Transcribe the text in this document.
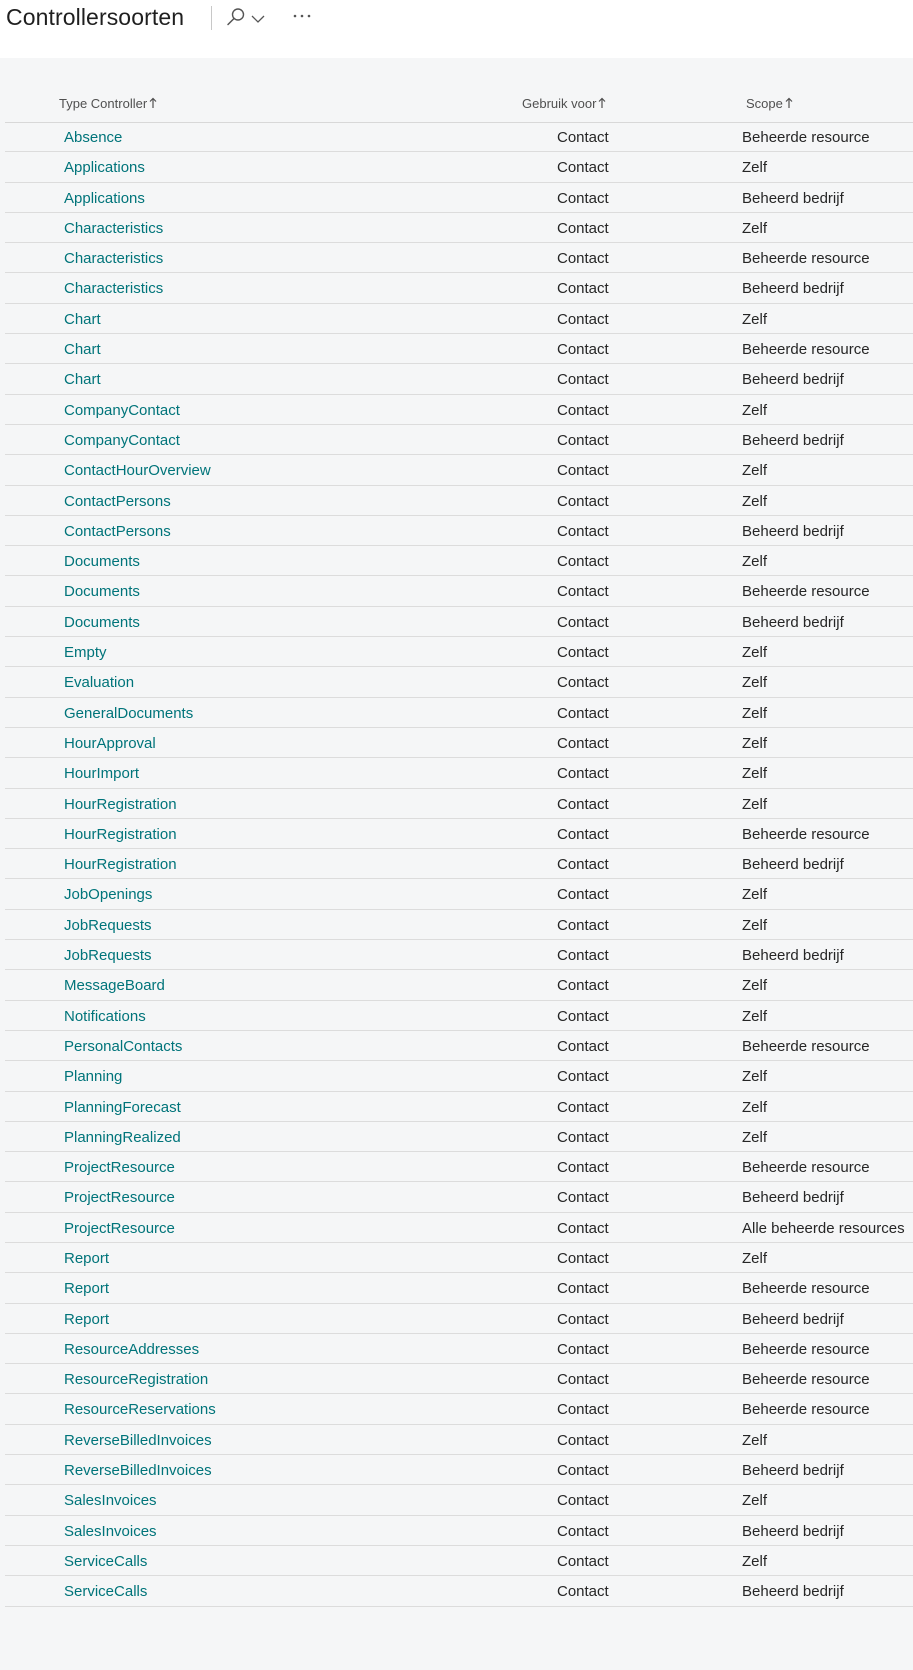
Controllersoorten
Type Controller	Gebruik voor	Scope
Absence	Contact	Beheerde resource
Applications	Contact	Zelf
Applications	Contact	Beheerd bedrijf
Characteristics	Contact	Zelf
Characteristics	Contact	Beheerde resource
Characteristics	Contact	Beheerd bedrijf
Chart	Contact	Zelf
Chart	Contact	Beheerde resource
Chart	Contact	Beheerd bedrijf
CompanyContact	Contact	Zelf
CompanyContact	Contact	Beheerd bedrijf
ContactHourOverview	Contact	Zelf
ContactPersons	Contact	Zelf
ContactPersons	Contact	Beheerd bedrijf
Documents	Contact	Zelf
Documents	Contact	Beheerde resource
Documents	Contact	Beheerd bedrijf
Empty	Contact	Zelf
Evaluation	Contact	Zelf
GeneralDocuments	Contact	Zelf
HourApproval	Contact	Zelf
HourImport	Contact	Zelf
HourRegistration	Contact	Zelf
HourRegistration	Contact	Beheerde resource
HourRegistration	Contact	Beheerd bedrijf
JobOpenings	Contact	Zelf
JobRequests	Contact	Zelf
JobRequests	Contact	Beheerd bedrijf
MessageBoard	Contact	Zelf
Notifications	Contact	Zelf
PersonalContacts	Contact	Beheerde resource
Planning	Contact	Zelf
PlanningForecast	Contact	Zelf
PlanningRealized	Contact	Zelf
ProjectResource	Contact	Beheerde resource
ProjectResource	Contact	Beheerd bedrijf
ProjectResource	Contact	Alle beheerde resources
Report	Contact	Zelf
Report	Contact	Beheerde resource
Report	Contact	Beheerd bedrijf
ResourceAddresses	Contact	Beheerde resource
ResourceRegistration	Contact	Beheerde resource
ResourceReservations	Contact	Beheerde resource
ReverseBilledInvoices	Contact	Zelf
ReverseBilledInvoices	Contact	Beheerd bedrijf
SalesInvoices	Contact	Zelf
SalesInvoices	Contact	Beheerd bedrijf
ServiceCalls	Contact	Zelf
ServiceCalls	Contact	Beheerd bedrijf
